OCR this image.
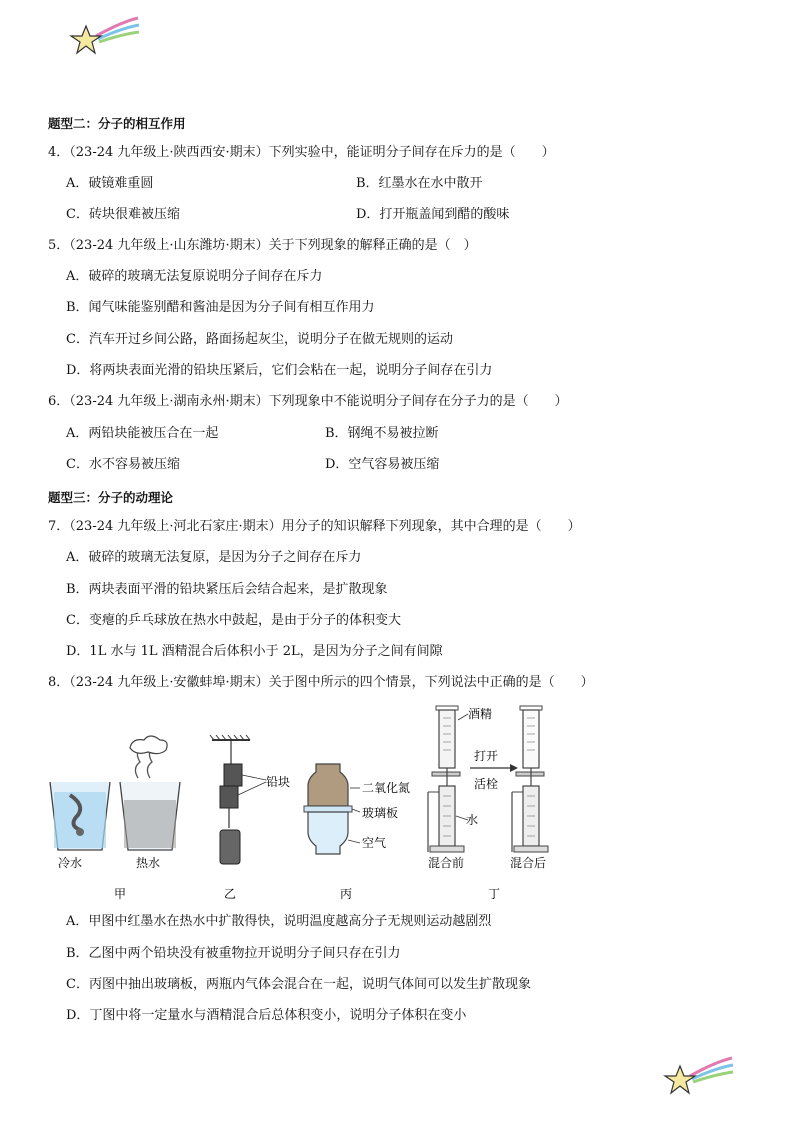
题型二：分子的相互作用
4．（23-24 九年级上·陕西西安·期末）下列实验中，能证明分子间存在斥力的是（　　）
A．破镜难重圆	B．红墨水在水中散开
C．砖块很难被压缩	D．打开瓶盖闻到醋的酸味
5．（23-24 九年级上·山东潍坊·期末）关于下列现象的解释正确的是（　）
A．破碎的玻璃无法复原说明分子间存在斥力
B．闻气味能鉴别醋和酱油是因为分子间有相互作用力
C．汽车开过乡间公路，路面扬起灰尘，说明分子在做无规则的运动
D．将两块表面光滑的铅块压紧后，它们会粘在一起，说明分子间存在引力
6．（23-24 九年级上·湖南永州·期末）下列现象中不能说明分子间存在分子力的是（　　）
A．两铅块能被压合在一起	B．钢绳不易被拉断
C．水不容易被压缩	D．空气容易被压缩
题型三：分子的动理论
7．（23-24 九年级上·河北石家庄·期末）用分子的知识解释下列现象，其中合理的是（　　）
A．破碎的玻璃无法复原，是因为分子之间存在斥力
B．两块表面平滑的铅块紧压后会结合起来，是扩散现象
C．变瘪的乒乓球放在热水中鼓起，是由于分子的体积变大
D．1L 水与 1L 酒精混合后体积小于 2L，是因为分子之间有间隙
8．（23-24 九年级上·安徽蚌埠·期末）关于图中所示的四个情景，下列说法中正确的是（　　）
冷水	热水
甲
铅块
乙
二氧化氮
玻璃板
空气
丙
酒精
水
混合前
打开
活栓
混合后
丁
A．甲图中红墨水在热水中扩散得快，说明温度越高分子无规则运动越剧烈
B．乙图中两个铅块没有被重物拉开说明分子间只存在引力
C．丙图中抽出玻璃板，两瓶内气体会混合在一起，说明气体间可以发生扩散现象
D．丁图中将一定量水与酒精混合后总体积变小，说明分子体积在变小
